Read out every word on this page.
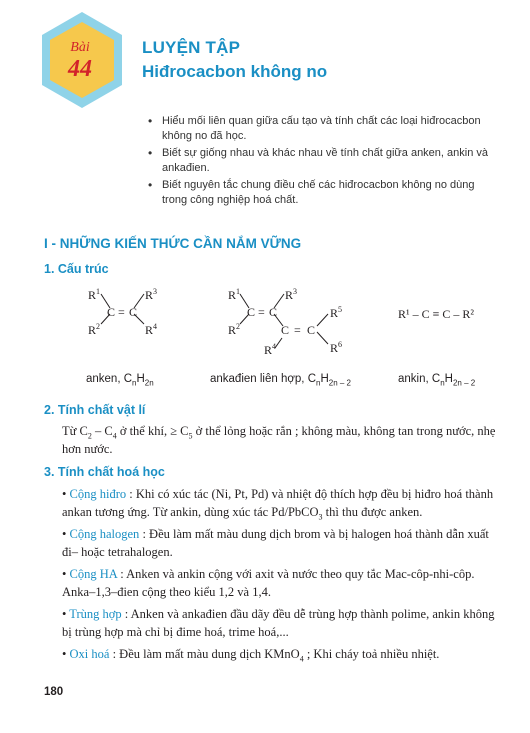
Bài
44
LUYỆN TẬP
Hiđrocacbon không no
• Hiểu mối liên quan giữa cấu tạo và tính chất các loại hiđrocacbon không no đã học.
• Biết sự giống nhau và khác nhau về tính chất giữa anken, ankin và ankađien.
• Biết nguyên tắc chung điều chế các hiđrocacbon không no dùng trong công nghiệp hoá chất.
I - NHỮNG KIẾN THỨC CẦN NẮM VỮNG
1. Cấu trúc
$R^1$
$R^2$
C = C
$R^3$
$R^4$
$R^1$
$R^2$
C = C
$R^3$
C = C
$R^5$
$R^4$	$R^6$
R¹ – C ≡ C – R²
anken, $C_nH_{2n}$	ankađien liên hợp, $C_nH_{2n - 2}$	ankin, $C_nH_{2n - 2}$
2. Tính chất vật lí
Từ $C_2 - C_4$ ở thể khí, ≥ $C_5$ ở thể lỏng hoặc rắn ; không màu, không tan trong nước, nhẹ hơn nước.
3. Tính chất hoá học

• Cộng hiđro : Khi có xúc tác (Ni, Pt, Pd) và nhiệt độ thích hợp đều bị hiđro hoá thành ankan tương ứng. Từ ankin, dùng xúc tác Pd/PbCO$_3$ thì thu được anken.

• Cộng halogen : Đều làm mất màu dung dịch brom và bị halogen hoá thành dẫn xuất đi– hoặc tetrahalogen.

• Cộng HA : Anken và ankin cộng với axit và nước theo quy tắc Mac-côp-nhi-côp. Anka–1,3–đien cộng theo kiểu 1,2 và 1,4.

• Trùng hợp : Anken và ankađien đầu dãy đều dễ trùng hợp thành polime, ankin không bị trùng hợp mà chỉ bị đime hoá, trime hoá,...

• Oxi hoá : Đều làm mất màu dung dịch KMnO$_4$ ; Khi cháy toả nhiều nhiệt.

180
